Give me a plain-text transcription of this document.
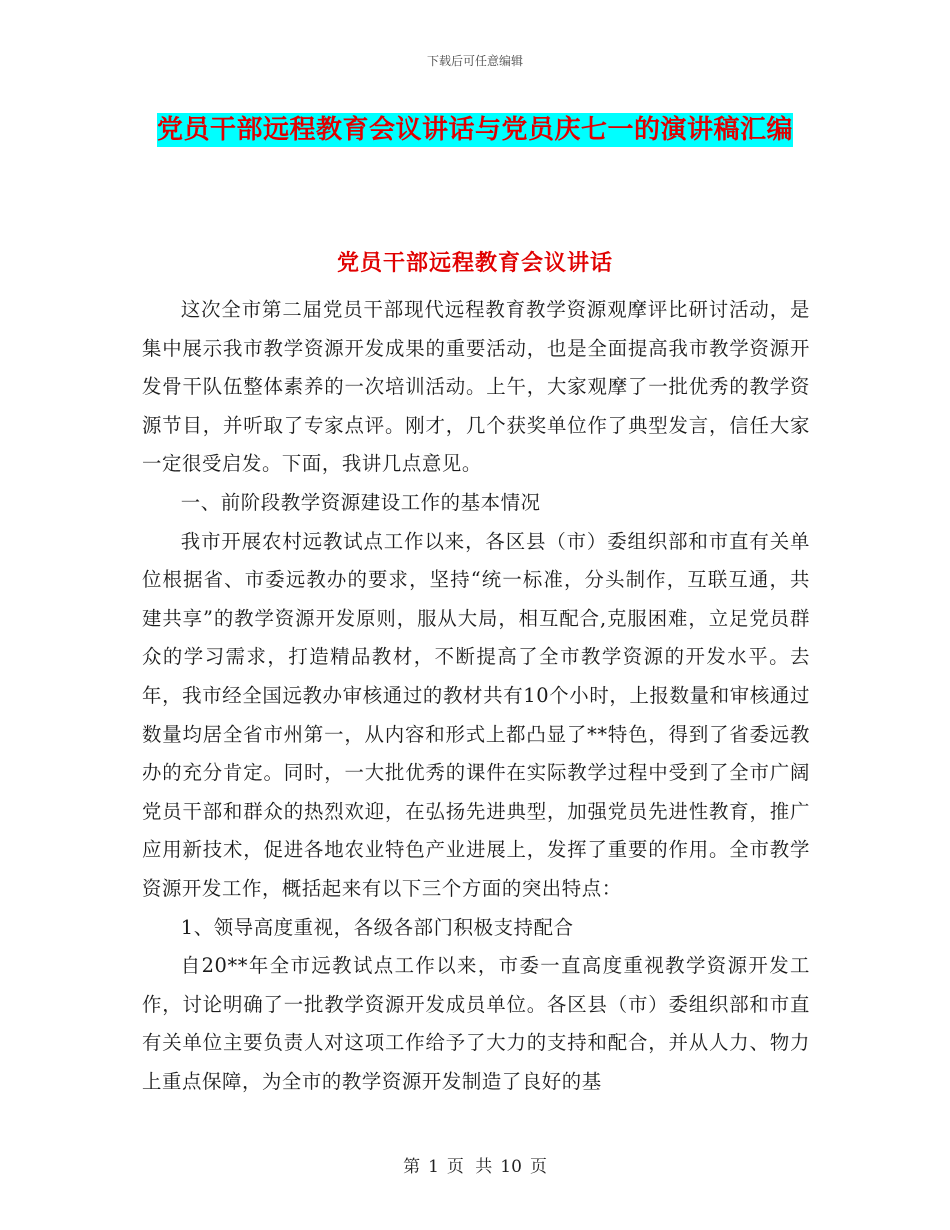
下载后可任意编辑
党员干部远程教育会议讲话与党员庆七一的演讲稿汇编
党员干部远程教育会议讲话

这次全市第二届党员干部现代远程教育教学资源观摩评比研讨活动，是集中展示我市教学资源开发成果的重要活动，也是全面提高我市教学资源开发骨干队伍整体素养的一次培训活动。上午，大家观摩了一批优秀的教学资源节目，并听取了专家点评。刚才，几个获奖单位作了典型发言，信任大家一定很受启发。下面，我讲几点意见。

一、前阶段教学资源建设工作的基本情况

我市开展农村远教试点工作以来，各区县（市）委组织部和市直有关单位根据省、市委远教办的要求，坚持“统一标准，分头制作，互联互通，共建共享”的教学资源开发原则，服从大局，相互配合,克服困难，立足党员群众的学习需求，打造精品教材，不断提高了全市教学资源的开发水平。去年，我市经全国远教办审核通过的教材共有10个小时，上报数量和审核通过数量均居全省市州第一，从内容和形式上都凸显了**特色，得到了省委远教办的充分肯定。同时，一大批优秀的课件在实际教学过程中受到了全市广阔党员干部和群众的热烈欢迎，在弘扬先进典型，加强党员先进性教育，推广应用新技术，促进各地农业特色产业进展上，发挥了重要的作用。全市教学资源开发工作，概括起来有以下三个方面的突出特点：

1、领导高度重视，各级各部门积极支持配合

自20**年全市远教试点工作以来，市委一直高度重视教学资源开发工作，讨论明确了一批教学资源开发成员单位。各区县（市）委组织部和市直有关单位主要负责人对这项工作给予了大力的支持和配合，并从人力、物力上重点保障，为全市的教学资源开发制造了良好的基

第 1 页 共 10 页
